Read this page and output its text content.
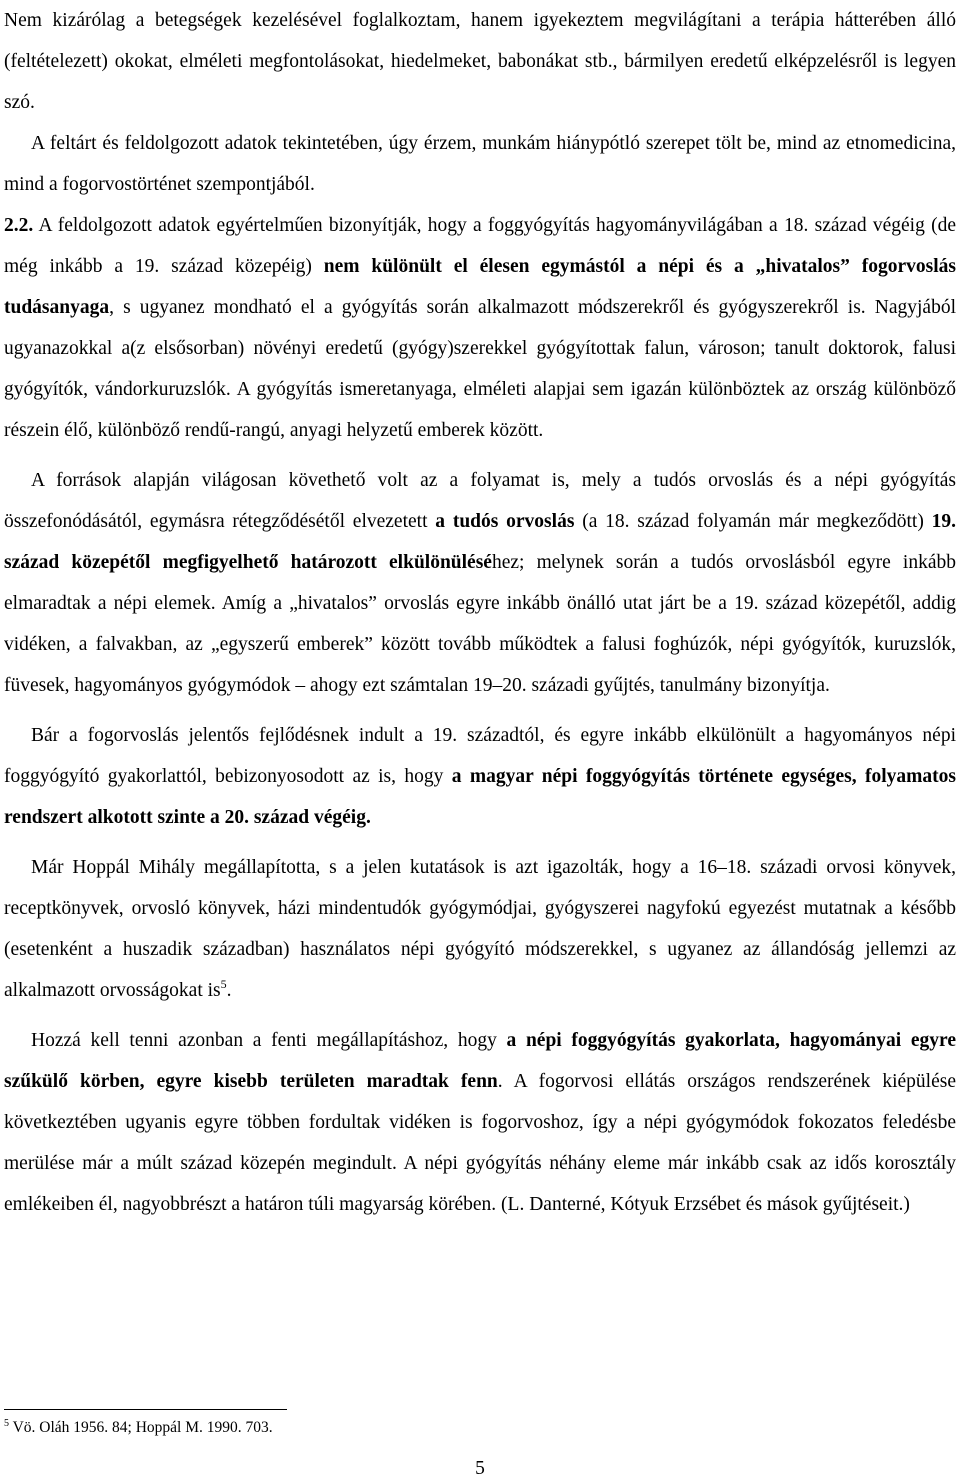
Nem kizárólag a betegségek kezelésével foglalkoztam, hanem igyekeztem megvilágítani a terápia hátterében álló (feltételezett) okokat, elméleti megfontolásokat, hiedelmeket, babonákat stb., bármilyen eredetű elképzelésről is legyen szó.

A feltárt és feldolgozott adatok tekintetében, úgy érzem, munkám hiánypótló szerepet tölt be, mind az etnomedicina, mind a fogorvostörténet szempontjából.

2.2. A feldolgozott adatok egyértelműen bizonyítják, hogy a foggyógyítás hagyományvilágában a 18. század végéig (de még inkább a 19. század közepéig) nem különült el élesen egymástól a népi és a „hivatalos” fogorvoslás tudásanyaga, s ugyanez mondható el a gyógyítás során alkalmazott módszerekről és gyógyszerekről is. Nagyjából ugyanazokkal a(z elsősorban) növényi eredetű (gyógy)szerekkel gyógyítottak falun, városon; tanult doktorok, falusi gyógyítók, vándorkuruzslók. A gyógyítás ismeretanyaga, elméleti alapjai sem igazán különböztek az ország különböző részein élő, különböző rendű-rangú, anyagi helyzetű emberek között.

A források alapján világosan követhető volt az a folyamat is, mely a tudós orvoslás és a népi gyógyítás összefonódásától, egymásra rétegződésétől elvezetett a tudós orvoslás (a 18. század folyamán már megkeződött) 19. század közepétől megfigyelhető határozott elkülönüléséhez; melynek során a tudós orvoslásból egyre inkább elmaradtak a népi elemek. Amíg a „hivatalos” orvoslás egyre inkább önálló utat járt be a 19. század közepétől, addig vidéken, a falvakban, az „egyszerű emberek” között tovább működtek a falusi foghúzók, népi gyógyítók, kuruzslók, füvesek, hagyományos gyógymódok – ahogy ezt számtalan 19–20. századi gyűjtés, tanulmány bizonyítja.

Bár a fogorvoslás jelentős fejlődésnek indult a 19. századtól, és egyre inkább elkülönült a hagyományos népi foggyógyító gyakorlattól, bebizonyosodott az is, hogy a magyar népi foggyógyítás története egységes, folyamatos rendszert alkotott szinte a 20. század végéig.

Már Hoppál Mihály megállapította, s a jelen kutatások is azt igazolták, hogy a 16–18. századi orvosi könyvek, receptkönyvek, orvosló könyvek, házi mindentudók gyógymódjai, gyógyszerei nagyfokú egyezést mutatnak a később (esetenként a huszadik században) használatos népi gyógyító módszerekkel, s ugyanez az állandóság jellemzi az alkalmazott orvosságokat $is^5$.

Hozzá kell tenni azonban a fenti megállapításhoz, hogy a népi foggyógyítás gyakorlata, hagyományai egyre szűkülő körben, egyre kisebb területen maradtak fenn. A fogorvosi ellátás országos rendszerének kiépülése következtében ugyanis egyre többen fordultak vidéken is fogorvoshoz, így a népi gyógymódok fokozatos feledésbe merülése már a múlt század közepén megindult. A népi gyógyítás néhány eleme már inkább csak az idős korosztály emlékeiben él, nagyobbrészt a határon túli magyarság körében. (L. Danterné, Kótyuk Erzsébet és mások gyűjtéseit.)

$^5$ Vö. Oláh 1956. 84; Hoppál M. 1990. 703.
5
